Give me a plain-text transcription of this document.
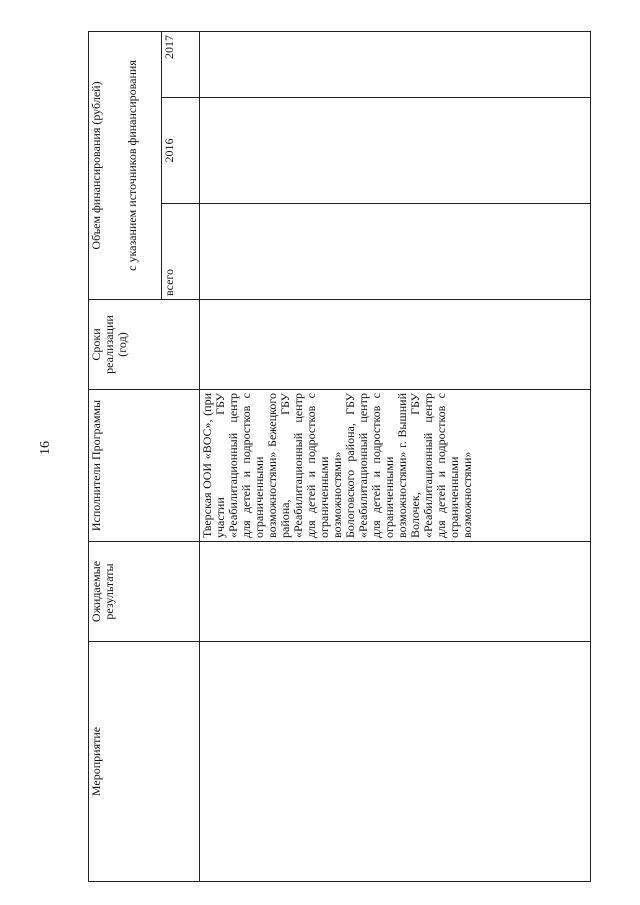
16
Мероприятие	Ожидаемые результаты	Исполнители Программы	Сроки реализации (год)	Объем финансирования (рублей)		
				с указанием источников финансирования		
				всего	2016	2017
		Тверская ООИ «ВОС», (при участии ГБУ «Реабилитационный центр для детей и подростков с ограниченными возможностями» Бежецкого района, ГБУ «Реабилитационный центр для детей и подростков с ограниченными возможностями» Бологовского района, ГБУ «Реабилитационный центр для детей и подростков с ограниченными возможностями» г. Вышний Волочек, ГБУ «Реабилитационный центр для детей и подростков с ограниченными возможностями»				
